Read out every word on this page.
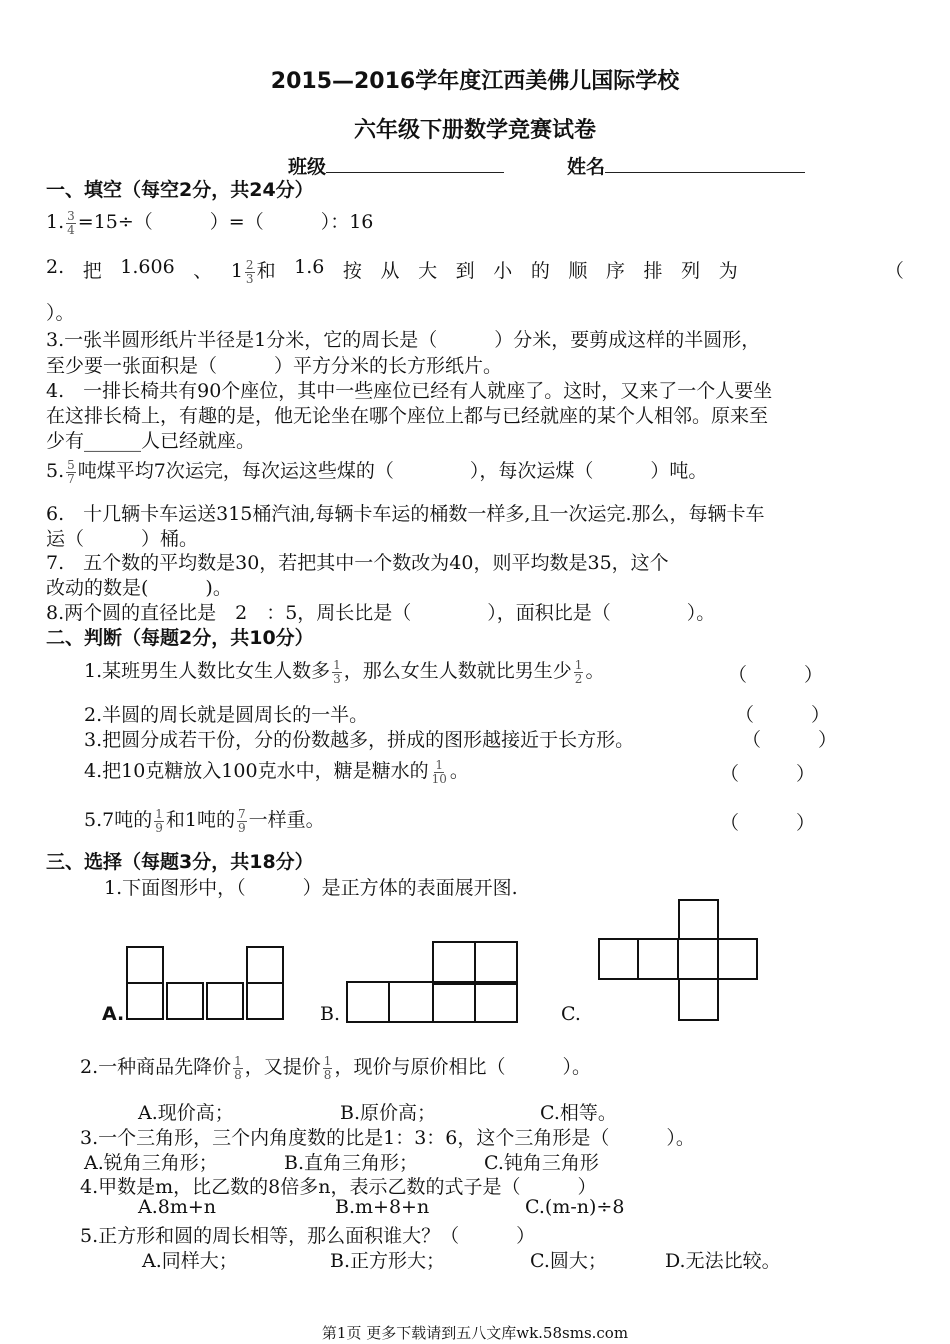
2015—2016学年度江西美佛儿国际学校
六年级下册数学竞赛试卷
班级	姓名
一、填空（每空2分，共24分）
1. $\frac{3}{4} =15\div$（　　　）=（　　　）：16
2. 把 1.606 、 $1 \frac{2}{3}$ 和 1.6 按 从 大 到 小 的 顺 序 排 列 为	（
）。
3.一张半圆形纸片半径是1分米，它的周长是（　　　）分米，要剪成这样的半圆形，
至少要一张面积是（　　　）平方分米的长方形纸片。
4.　一排长椅共有90个座位，其中一些座位已经有人就座了。这时，又来了一个人要坐
在这排长椅上，有趣的是，他无论坐在哪个座位上都与已经就座的某个人相邻。原来至
少有______人已经就座。
5. $\frac{5}{7}$ 吨煤平均7次运完，每次运这些煤的（　　　　），每次运煤（　　　）吨。
6.　十几辆卡车运送315桶汽油,每辆卡车运的桶数一样多,且一次运完.那么，每辆卡车
运（　　　）桶。
7.　五个数的平均数是30，若把其中一个数改为40，则平均数是35，这个
改动的数是(　　　)。
8.两个圆的直径比是　2　：5，周长比是（　　　　），面积比是（　　　　）。
二、判断（每题2分，共10分）
1.某班男生人数比女生人数多 $\frac{1}{3}$ ，那么女生人数就比男生少 $\frac{1}{2}$ 。	（　　　）
2.半圆的周长就是圆周长的一半。	（　　　）
3.把圆分成若干份，分的份数越多，拼成的图形越接近于长方形。	（　　　）
4.把10克糖放入100克水中，糖是糖水的 $\frac{1}{10}$ 。	（　　　）
5.7吨的 $\frac{1}{9}$ 和1吨的 $\frac{7}{9}$ 一样重。	（　　　）
三、选择（每题3分，共18分）
1.下面图形中，（　　　）是正方体的表面展开图.
A.	B.	C.
2.一种商品先降价 $\frac{1}{8}$ ，又提价 $\frac{1}{8}$ ，现价与原价相比（　　　）。
A.现价高；	B.原价高；	C.相等。
3.一个三角形，三个内角度数的比是1：3：6，这个三角形是（　　　）。
A.锐角三角形；	B.直角三角形；	C.钝角三角形
4.甲数是m，比乙数的8倍多n，表示乙数的式子是（　　　）
A.8m+n	B.m+8+n	C.(m-n)÷8
5.正方形和圆的周长相等，那么面积谁大？（　　　）
A.同样大；	B.正方形大；	C.圆大；	D.无法比较。
第1页 更多下载请到五八文库wk.58sms.com
